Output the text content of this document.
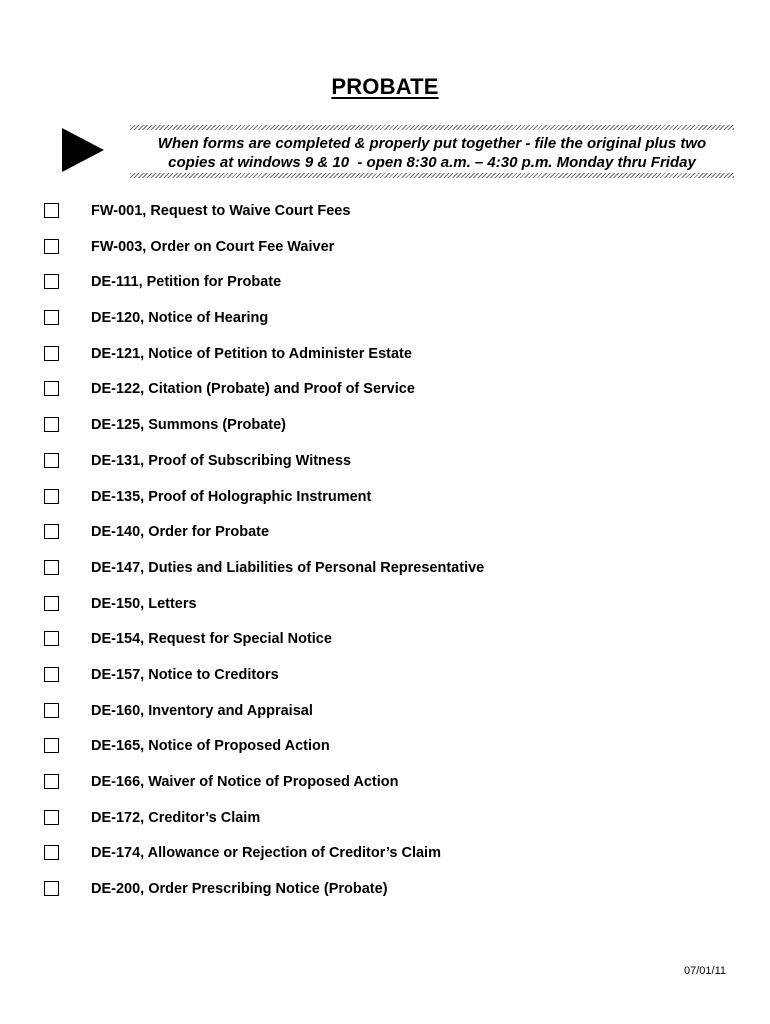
PROBATE
When forms are completed & properly put together - file the original plus two
copies at windows 9 & 10  - open 8:30 a.m. – 4:30 p.m. Monday thru Friday
FW-001, Request to Waive Court Fees
FW-003, Order on Court Fee Waiver
DE-111, Petition for Probate
DE-120, Notice of Hearing
DE-121, Notice of Petition to Administer Estate
DE-122, Citation (Probate) and Proof of Service
DE-125, Summons (Probate)
DE-131, Proof of Subscribing Witness
DE-135, Proof of Holographic Instrument
DE-140, Order for Probate
DE-147, Duties and Liabilities of Personal Representative
DE-150, Letters
DE-154, Request for Special Notice
DE-157, Notice to Creditors
DE-160, Inventory and Appraisal
DE-165, Notice of Proposed Action
DE-166, Waiver of Notice of Proposed Action
DE-172, Creditor’s Claim
DE-174, Allowance or Rejection of Creditor’s Claim
DE-200, Order Prescribing Notice (Probate)
07/01/11
